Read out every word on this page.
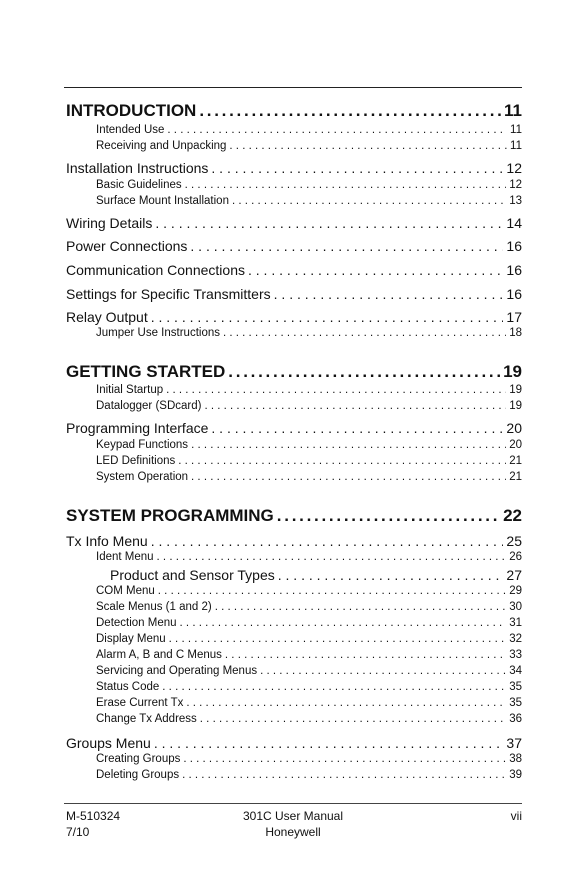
INTRODUCTION . . .	11
Intended Use . . .	11
Receiving and Unpacking . . .	11
Installation Instructions . . .	12
Basic Guidelines . . .	12
Surface Mount Installation . . .	13
Wiring Details . . .	14
Power Connections . . .	16
Communication Connections . . .	16
Settings for Specific Transmitters . . .	16
Relay Output . . .	17
Jumper Use Instructions . . .	18
GETTING STARTED . . .	19
Initial Startup . . .	19
Datalogger (SDcard) . . .	19
Programming Interface . . .	20
Keypad Functions . . .	20
LED Definitions . . .	21
System Operation . . .	21
SYSTEM PROGRAMMING . . .	22
Tx Info Menu . . .	25
Ident Menu . . .	26
Product and Sensor Types . . .	27
COM Menu . . .	29
Scale Menus (1 and 2) . . .	30
Detection Menu . . .	31
Display Menu . . .	32
Alarm A, B and C Menus . . .	33
Servicing and Operating Menus . . .	34
Status Code . . .	35
Erase Current Tx . . .	35
Change Tx Address . . .	36
Groups Menu . . .	37
Creating Groups . . .	38
Deleting Groups . . .	39
M-510324
7/10
301C User Manual
Honeywell
vii
